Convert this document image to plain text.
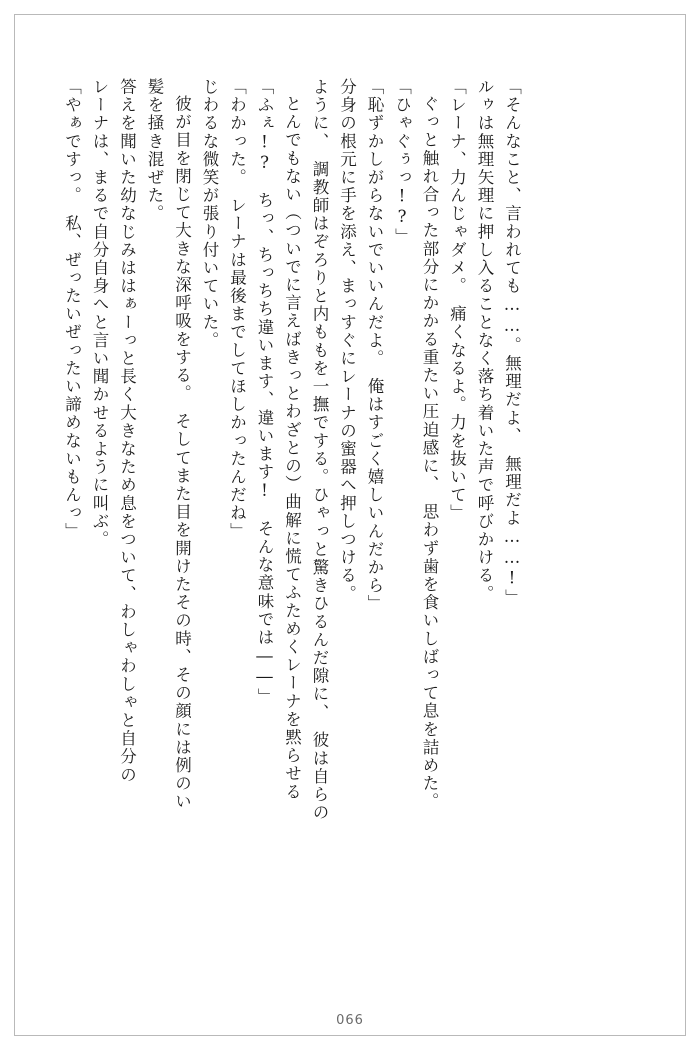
「やぁですっ。　私、ぜったいぜったい諦めないもんっ」 レーナは、まるで自分自身へと言い聞かせるように叫ぶ。 答えを聞いた幼なじみははぁーっと長く大きなため息をついて、わしゃわしゃと自分の 髪を掻き混ぜた。 彼が目を閉じて大きな深呼吸をする。　そしてまた目を開けたその時、その顔には例のい じわるな微笑が張り付いていた。 「わかった。　レーナは最後までしてほしかったんだね」 「ふぇ!?　ちっ、ちっちち違います、違います!　そんな意味では――」 とんでもない（ついでに言えばきっとわざとの）曲解に慌てふためくレーナを黙らせる ように、　調教師はぞろりと内ももを一撫でする。ひゃっと驚きひるんだ隙に、　彼は自らの 分身の根元に手を添え、まっすぐにレーナの蜜器へ押しつける。 「恥ずかしがらないでいいんだよ。　俺はすごく嬉しいんだから」 「ひゃぐぅっ!?」 ぐっと触れ合った部分にかかる重たい圧迫感に、　思わず歯を食いしばって息を詰めた。 「レーナ、力んじゃダメ。　痛くなるよ。力を抜いて」 ルゥは無理矢理に押し入ることなく落ち着いた声で呼びかける。 「そんなこと、言われても……。無理だよ、　無理だよ……!」
066
